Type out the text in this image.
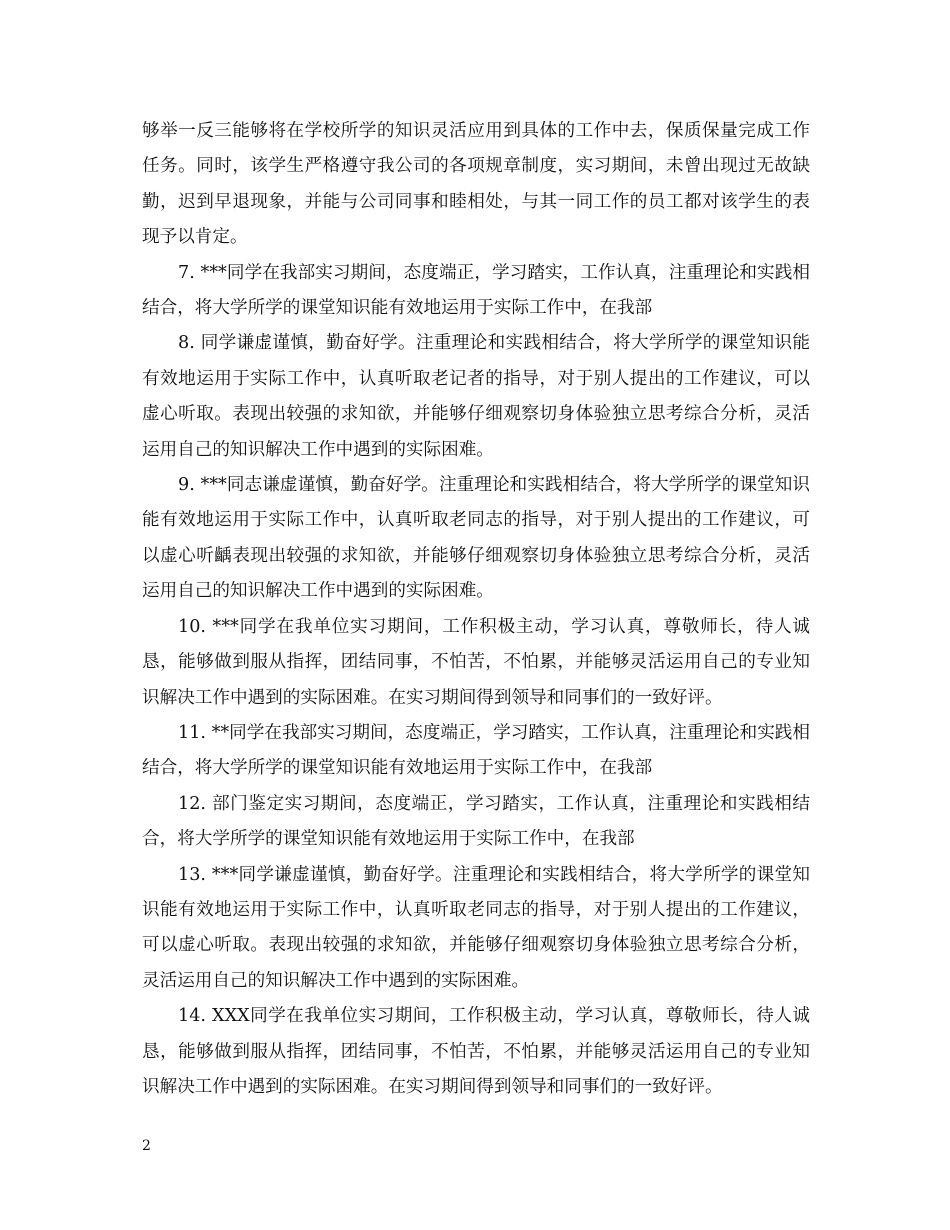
够举一反三能够将在学校所学的知识灵活应用到具体的工作中去，保质保量完成工作任务。同时，该学生严格遵守我公司的各项规章制度，实习期间，未曾出现过无故缺勤，迟到早退现象，并能与公司同事和睦相处，与其一同工作的员工都对该学生的表现予以肯定。

7. ***同学在我部实习期间，态度端正，学习踏实，工作认真，注重理论和实践相结合，将大学所学的课堂知识能有效地运用于实际工作中，在我部

8. 同学谦虚谨慎，勤奋好学。注重理论和实践相结合，将大学所学的课堂知识能有效地运用于实际工作中，认真听取老记者的指导，对于别人提出的工作建议，可以虚心听取。表现出较强的求知欲，并能够仔细观察切身体验独立思考综合分析，灵活运用自己的知识解决工作中遇到的实际困难。

9. ***同志谦虚谨慎，勤奋好学。注重理论和实践相结合，将大学所学的课堂知识能有效地运用于实际工作中，认真听取老同志的指导，对于别人提出的工作建议，可以虚心听齲表现出较强的求知欲，并能够仔细观察切身体验独立思考综合分析，灵活运用自己的知识解决工作中遇到的实际困难。

10. ***同学在我单位实习期间，工作积极主动，学习认真，尊敬师长，待人诚恳，能够做到服从指挥，团结同事，不怕苦，不怕累，并能够灵活运用自己的专业知识解决工作中遇到的实际困难。在实习期间得到领导和同事们的一致好评。

11. **同学在我部实习期间，态度端正，学习踏实，工作认真，注重理论和实践相结合，将大学所学的课堂知识能有效地运用于实际工作中，在我部

12. 部门鉴定实习期间，态度端正，学习踏实，工作认真，注重理论和实践相结合，将大学所学的课堂知识能有效地运用于实际工作中，在我部

13. ***同学谦虚谨慎，勤奋好学。注重理论和实践相结合，将大学所学的课堂知识能有效地运用于实际工作中，认真听取老同志的指导，对于别人提出的工作建议，可以虚心听取。表现出较强的求知欲，并能够仔细观察切身体验独立思考综合分析，灵活运用自己的知识解决工作中遇到的实际困难。

14. XXX同学在我单位实习期间，工作积极主动，学习认真，尊敬师长，待人诚恳，能够做到服从指挥，团结同事，不怕苦，不怕累，并能够灵活运用自己的专业知识解决工作中遇到的实际困难。在实习期间得到领导和同事们的一致好评。

2
